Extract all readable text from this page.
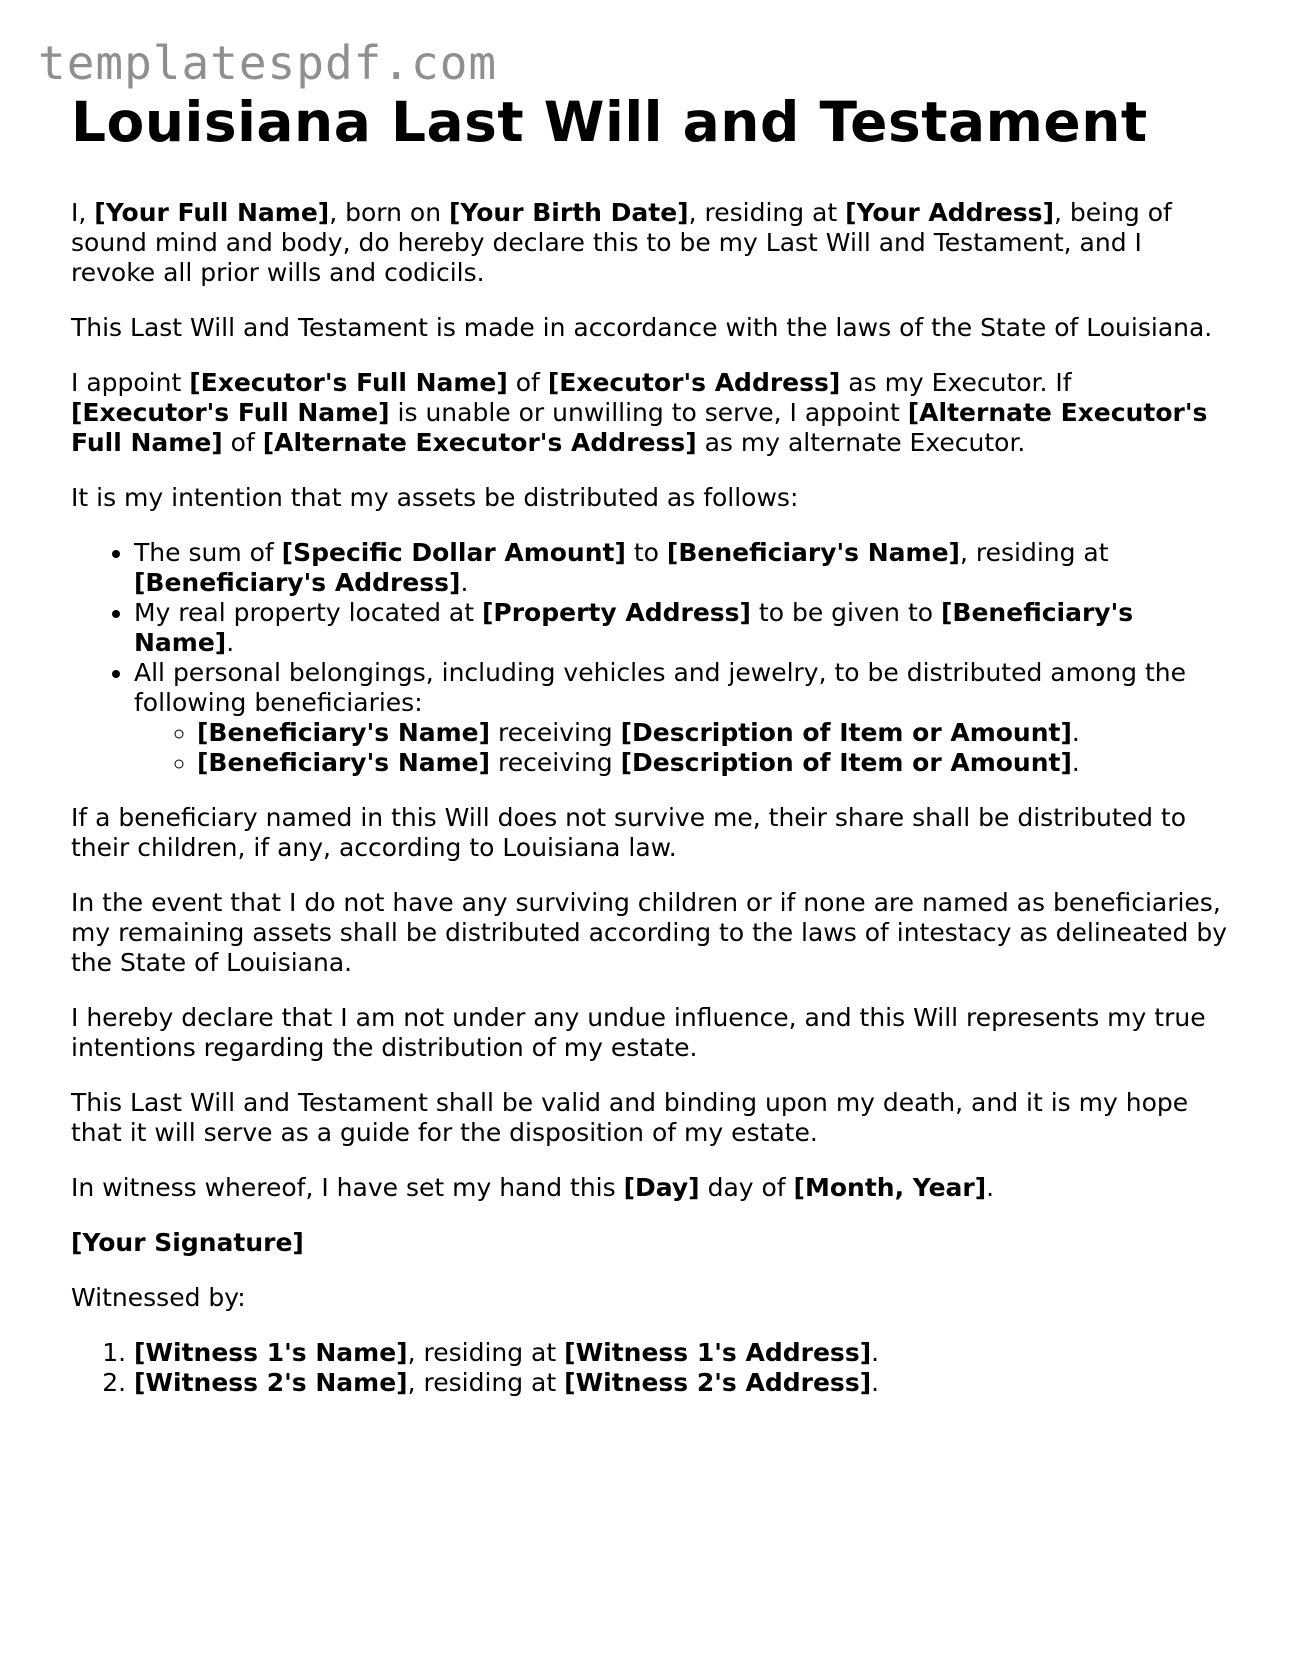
templatespdf.com
Louisiana Last Will and Testament

I, [Your Full Name], born on [Your Birth Date], residing at [Your Address], being of sound mind and body, do hereby declare this to be my Last Will and Testament, and I revoke all prior wills and codicils.

This Last Will and Testament is made in accordance with the laws of the State of Louisiana.

I appoint [Executor's Full Name] of [Executor's Address] as my Executor. If [Executor's Full Name] is unable or unwilling to serve, I appoint [Alternate Executor's Full Name] of [Alternate Executor's Address] as my alternate Executor.

It is my intention that my assets be distributed as follows:

• The sum of [Specific Dollar Amount] to [Beneficiary's Name], residing at [Beneficiary's Address].
• My real property located at [Property Address] to be given to [Beneficiary's Name].
• All personal belongings, including vehicles and jewelry, to be distributed among the following beneficiaries:
◦ [Beneficiary's Name] receiving [Description of Item or Amount].
◦ [Beneficiary's Name] receiving [Description of Item or Amount].

If a beneficiary named in this Will does not survive me, their share shall be distributed to their children, if any, according to Louisiana law.

In the event that I do not have any surviving children or if none are named as beneficiaries, my remaining assets shall be distributed according to the laws of intestacy as delineated by the State of Louisiana.

I hereby declare that I am not under any undue influence, and this Will represents my true intentions regarding the distribution of my estate.

This Last Will and Testament shall be valid and binding upon my death, and it is my hope that it will serve as a guide for the disposition of my estate.

In witness whereof, I have set my hand this [Day] day of [Month, Year].

[Your Signature]

Witnessed by:

1. [Witness 1's Name], residing at [Witness 1's Address].
2. [Witness 2's Name], residing at [Witness 2's Address].
